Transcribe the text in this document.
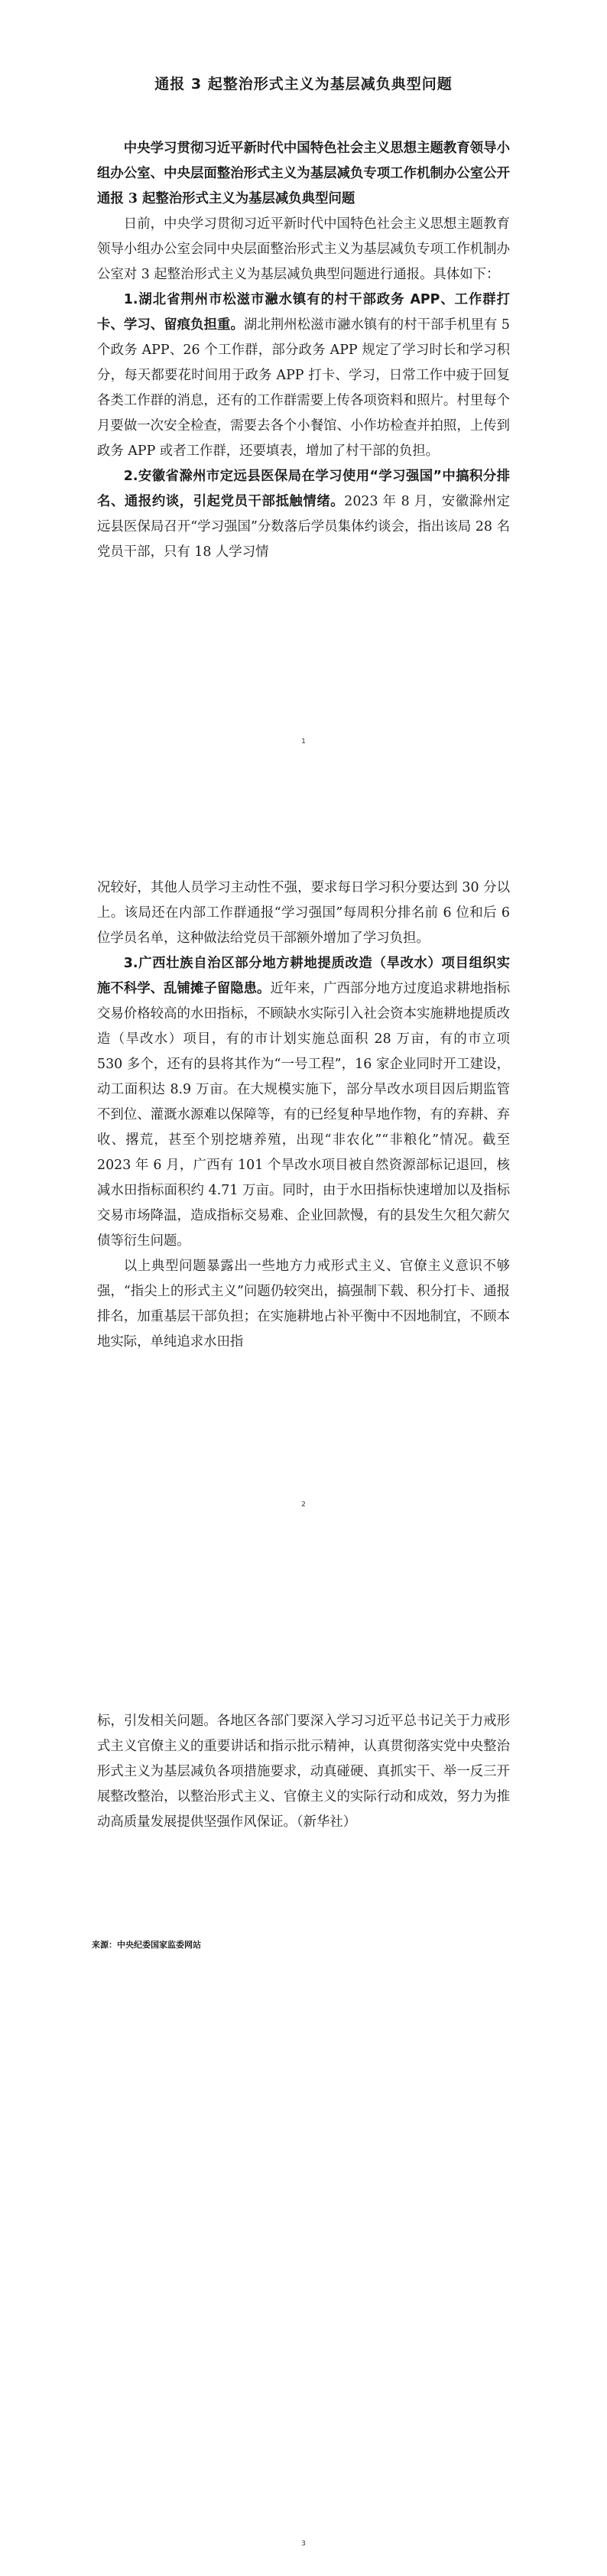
通报 3 起整治形式主义为基层减负典型问题

中央学习贯彻习近平新时代中国特色社会主义思想主题教育领导小组办公室、中央层面整治形式主义为基层减负专项工作机制办公室公开通报 3 起整治形式主义为基层减负典型问题

日前，中央学习贯彻习近平新时代中国特色社会主义思想主题教育领导小组办公室会同中央层面整治形式主义为基层减负专项工作机制办公室对 3 起整治形式主义为基层减负典型问题进行通报。具体如下：

1.湖北省荆州市松滋市瀜水镇有的村干部政务 APP、工作群打卡、学习、留痕负担重。湖北荆州松滋市瀜水镇有的村干部手机里有 5 个政务 APP、26 个工作群，部分政务 APP 规定了学习时长和学习积分，每天都要花时间用于政务 APP 打卡、学习，日常工作中疲于回复各类工作群的消息，还有的工作群需要上传各项资料和照片。村里每个月要做一次安全检查，需要去各个小餐馆、小作坊检查并拍照，上传到政务 APP 或者工作群，还要填表，增加了村干部的负担。

2.安徽省滁州市定远县医保局在学习使用“学习强国”中搞积分排名、通报约谈，引起党员干部抵触情绪。2023 年 8 月，安徽滁州定远县医保局召开“学习强国”分数落后学员集体约谈会，指出该局 28 名党员干部，只有 18 人学习情

1

况较好，其他人员学习主动性不强，要求每日学习积分要达到 30 分以上。该局还在内部工作群通报“学习强国”每周积分排名前 6 位和后 6 位学员名单，这种做法给党员干部额外增加了学习负担。

3.广西壮族自治区部分地方耕地提质改造（旱改水）项目组织实施不科学、乱铺摊子留隐患。近年来，广西部分地方过度追求耕地指标交易价格较高的水田指标，不顾缺水实际引入社会资本实施耕地提质改造（旱改水）项目，有的市计划实施总面积 28 万亩，有的市立项 530 多个，还有的县将其作为“一号工程”，16 家企业同时开工建设，动工面积达 8.9 万亩。在大规模实施下，部分旱改水项目因后期监管不到位、灌溉水源难以保障等，有的已经复种旱地作物，有的弃耕、弃收、撂荒，甚至个别挖塘养殖，出现“非农化”“非粮化”情况。截至 2023 年 6 月，广西有 101 个旱改水项目被自然资源部标记退回，核减水田指标面积约 4.71 万亩。同时，由于水田指标快速增加以及指标交易市场降温，造成指标交易难、企业回款慢，有的县发生欠租欠薪欠债等衍生问题。

以上典型问题暴露出一些地方力戒形式主义、官僚主义意识不够强，“指尖上的形式主义”问题仍较突出，搞强制下载、积分打卡、通报排名，加重基层干部负担；在实施耕地占补平衡中不因地制宜，不顾本地实际，单纯追求水田指

2

标，引发相关问题。各地区各部门要深入学习习近平总书记关于力戒形式主义官僚主义的重要讲话和指示批示精神，认真贯彻落实党中央整治形式主义为基层减负各项措施要求，动真碰硬、真抓实干、举一反三开展整改整治，以整治形式主义、官僚主义的实际行动和成效，努力为推动高质量发展提供坚强作风保证。（新华社）

来源：中央纪委国家监委网站
3
